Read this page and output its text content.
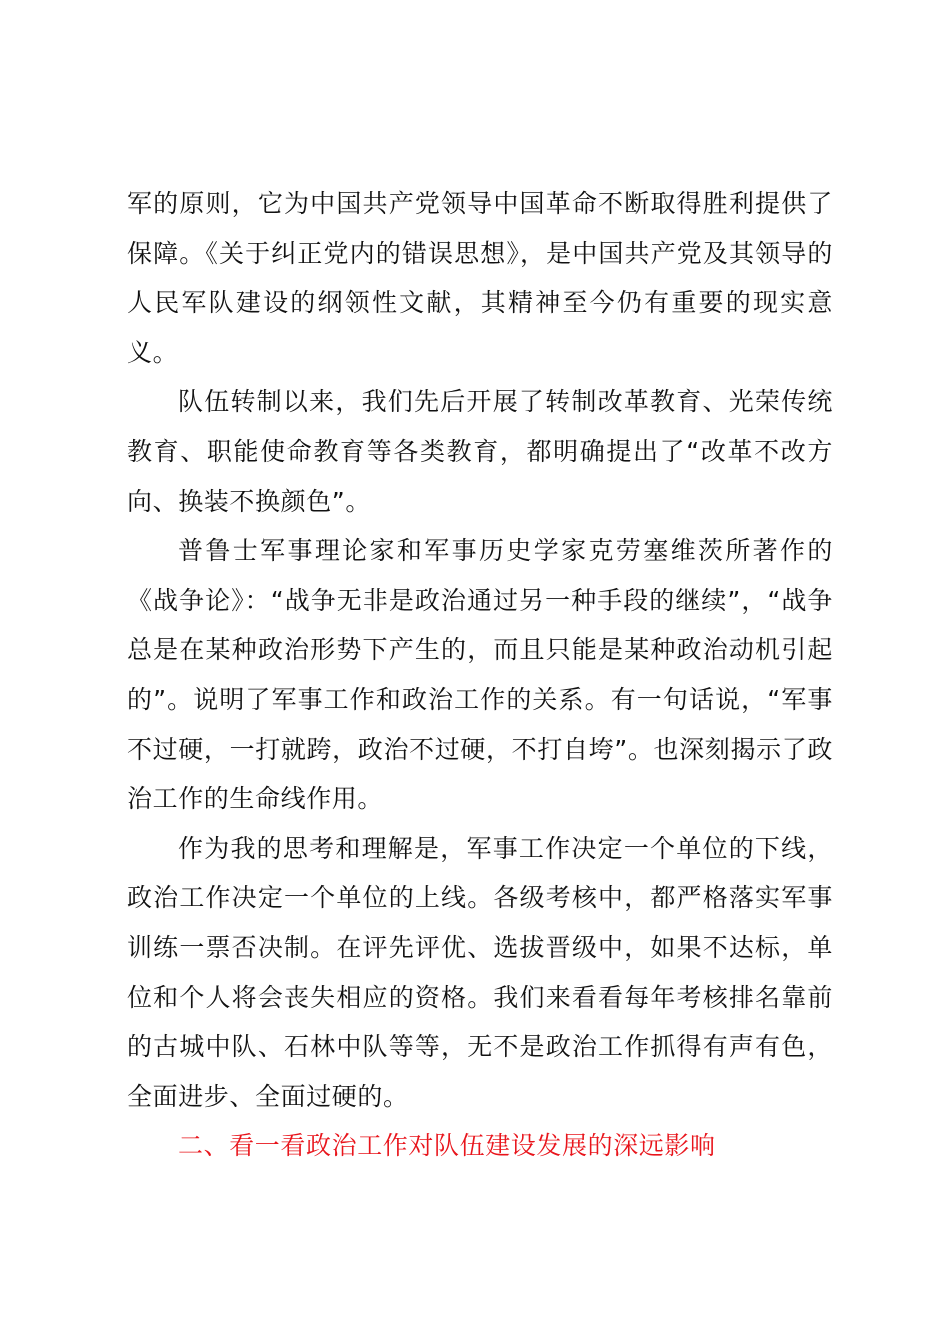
军的原则，它为中国共产党领导中国革命不断取得胜利提供了保障。《关于纠正党内的错误思想》，是中国共产党及其领导的人民军队建设的纲领性文献，其精神至今仍有重要的现实意义。

队伍转制以来，我们先后开展了转制改革教育、光荣传统教育、职能使命教育等各类教育，都明确提出了“改革不改方向、换装不换颜色”。

普鲁士军事理论家和军事历史学家克劳塞维茨所著作的《战争论》：“战争无非是政治通过另一种手段的继续”，“战争总是在某种政治形势下产生的，而且只能是某种政治动机引起的”。说明了军事工作和政治工作的关系。有一句话说，“军事不过硬，一打就跨，政治不过硬，不打自垮”。也深刻揭示了政治工作的生命线作用。

作为我的思考和理解是，军事工作决定一个单位的下线，政治工作决定一个单位的上线。各级考核中，都严格落实军事训练一票否决制。在评先评优、选拔晋级中，如果不达标，单位和个人将会丧失相应的资格。我们来看看每年考核排名靠前的古城中队、石林中队等等，无不是政治工作抓得有声有色，全面进步、全面过硬的。

二、看一看政治工作对队伍建设发展的深远影响
